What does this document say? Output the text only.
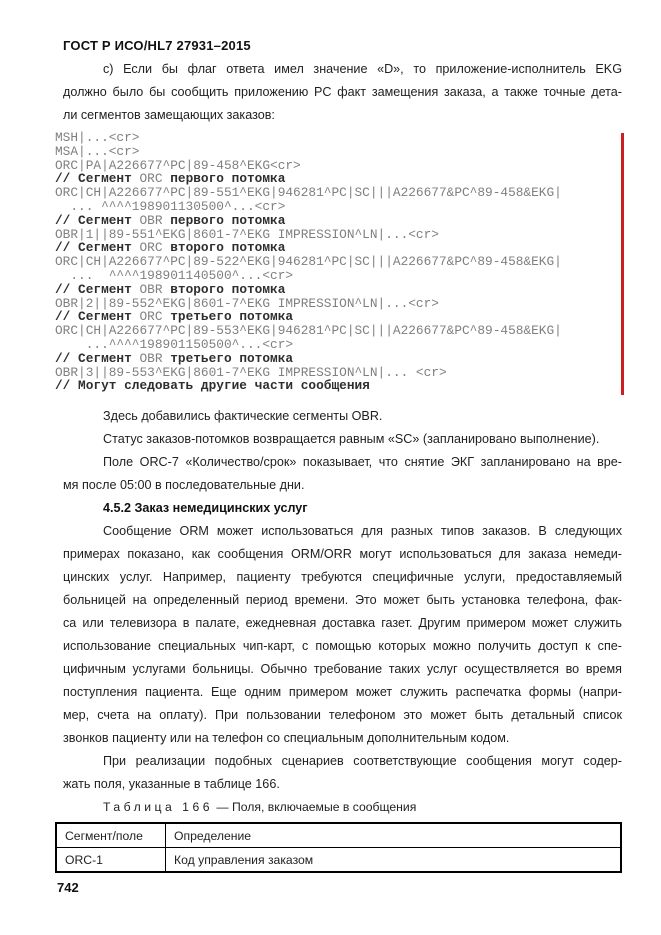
ГОСТ Р ИСО/HL7 27931–2015

c) Если бы флаг ответа имел значение «D», то приложение-исполнитель EKG
должно было бы сообщить приложению PC факт замещения заказа, а также точные дета-
ли сегментов замещающих заказов:

MSH|...<cr>
MSA|...<cr>
ORC|PA|A226677^PC|89-458^EKG<cr>
// Сегмент ORC первого потомка
ORC|CH|A226677^PC|89-551^EKG|946281^PC|SC|||A226677&PC^89-458&EKG|
... ^^^^198901130500^...<cr>
// Сегмент OBR первого потомка
OBR|1||89-551^EKG|8601-7^EKG IMPRESSION^LN|...<cr>
// Сегмент ORC второго потомка
ORC|CH|A226677^PC|89-522^EKG|946281^PC|SC|||A226677&PC^89-458&EKG|
...  ^^^^198901140500^...<cr>
// Сегмент OBR второго потомка
OBR|2||89-552^EKG|8601-7^EKG IMPRESSION^LN|...<cr>
// Сегмент ORC третьего потомка
ORC|CH|A226677^PC|89-553^EKG|946281^PC|SC|||A226677&PC^89-458&EKG|
...^^^^198901150500^...<cr>
// Сегмент OBR третьего потомка
OBR|3||89-553^EKG|8601-7^EKG IMPRESSION^LN|... <cr>
// Могут следовать другие части сообщения

Здесь добавились фактические сегменты OBR.

Статус заказов-потомков возвращается равным «SC» (запланировано выполнение).

Поле ORC-7 «Количество/срок» показывает, что снятие ЭКГ запланировано на вре-
мя после 05:00 в последовательные дни.

4.5.2 Заказ немедицинских услуг

Сообщение ORM может использоваться для разных типов заказов. В следующих
примерах показано, как сообщения ORM/ORR могут использоваться для заказа немеди-
цинских услуг. Например, пациенту требуются специфичные услуги, предоставляемый
больницей на определенный период времени. Это может быть установка телефона, фак-
са или телевизора в палате, ежедневная доставка газет. Другим примером может служить
использование специальных чип-карт, с помощью которых можно получить доступ к спе-
цифичным услугами больницы. Обычно требование таких услуг осуществляется во время
поступления пациента. Еще одним примером может служить распечатка формы (напри-
мер, счета на оплату). При пользовании телефоном это может быть детальный список
звонков пациенту или на телефон со специальным дополнительным кодом.

При реализации подобных сценариев соответствующие сообщения могут содер-
жать поля, указанные в таблице 166.

Таблица 166 — Поля, включаемые в сообщения

Сегмент/поле	Определение
ORC-1	Код управления заказом
742
